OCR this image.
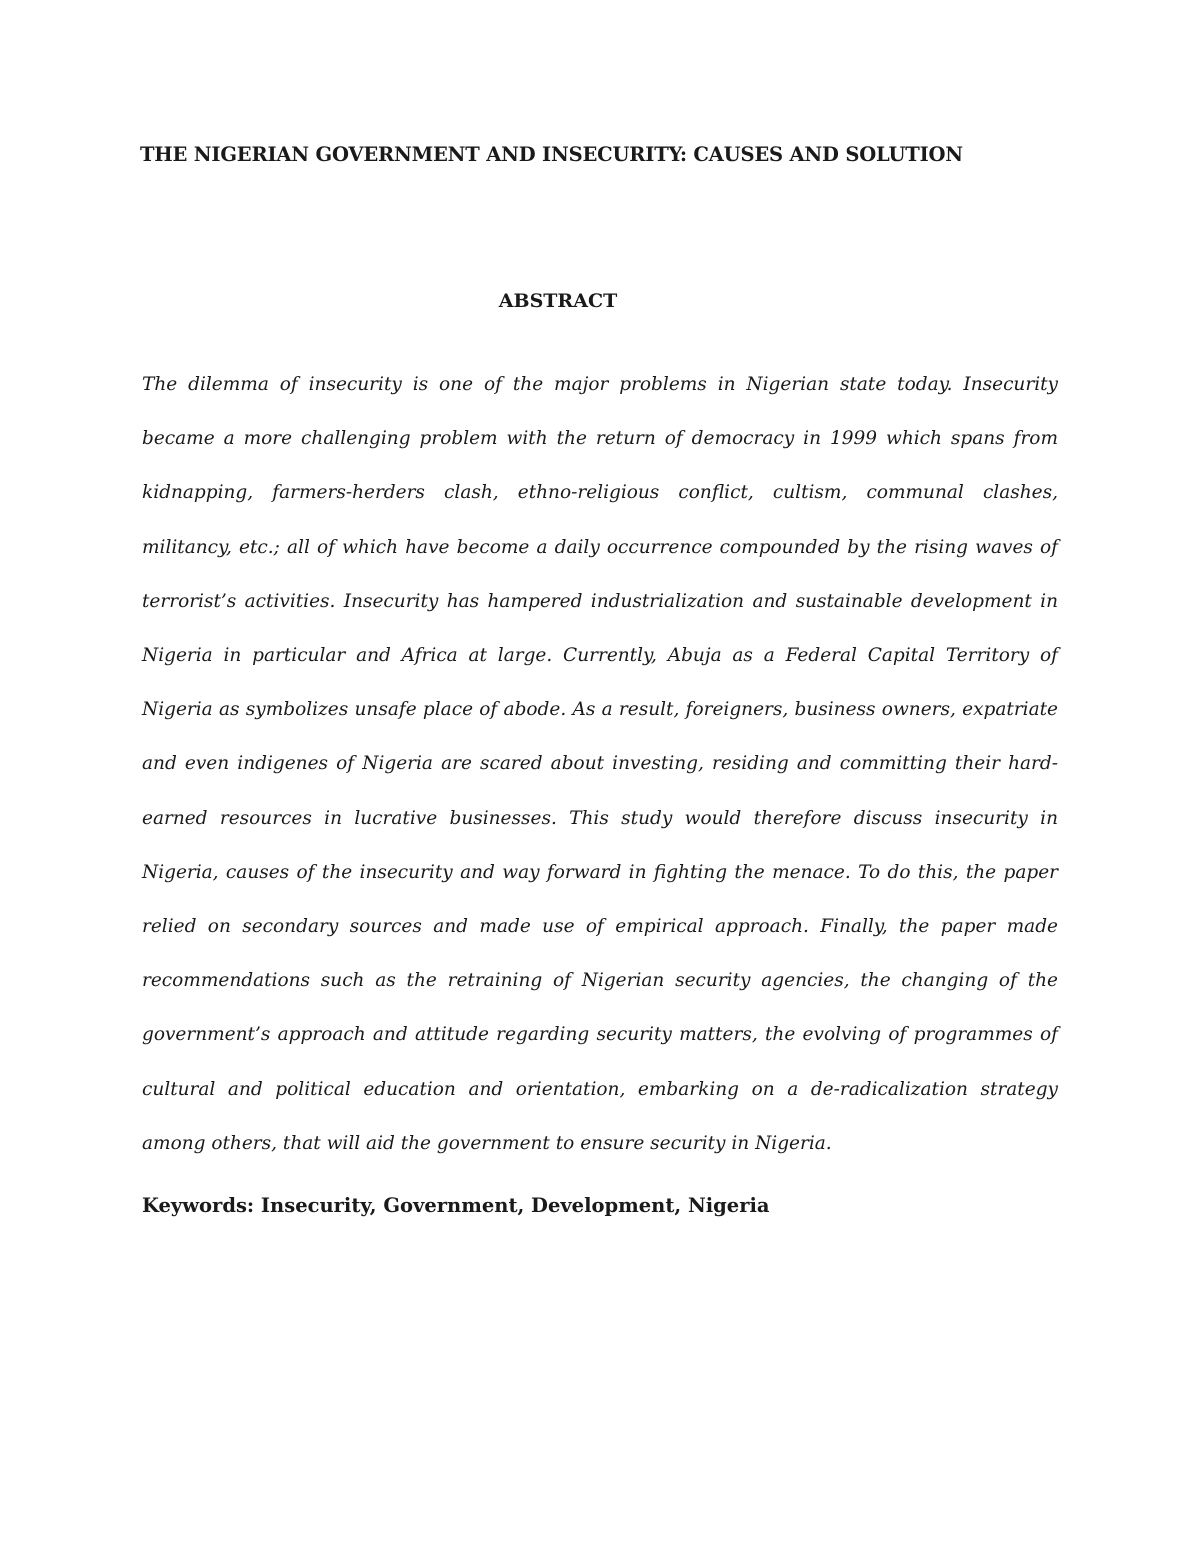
THE NIGERIAN GOVERNMENT AND INSECURITY: CAUSES AND SOLUTION
ABSTRACT

The dilemma of insecurity is one of the major problems in Nigerian state today. Insecurity became a more challenging problem with the return of democracy in 1999 which spans from kidnapping, farmers-herders clash, ethno-religious conflict, cultism, communal clashes, militancy, etc.; all of which have become a daily occurrence compounded by the rising waves of terrorist’s activities. Insecurity has hampered industrialization and sustainable development in Nigeria in particular and Africa at large. Currently, Abuja as a Federal Capital Territory of Nigeria as symbolizes unsafe place of abode. As a result, foreigners, business owners, expatriate and even indigenes of Nigeria are scared about investing, residing and committing their hard-earned resources in lucrative businesses. This study would therefore discuss insecurity in Nigeria, causes of the insecurity and way forward in fighting the menace. To do this, the paper relied on secondary sources and made use of empirical approach. Finally, the paper made recommendations such as the retraining of Nigerian security agencies, the changing of the government’s approach and attitude regarding security matters, the evolving of programmes of cultural and political education and orientation, embarking on a de-radicalization strategy among others, that will aid the government to ensure security in Nigeria.

Keywords: Insecurity, Government, Development, Nigeria
